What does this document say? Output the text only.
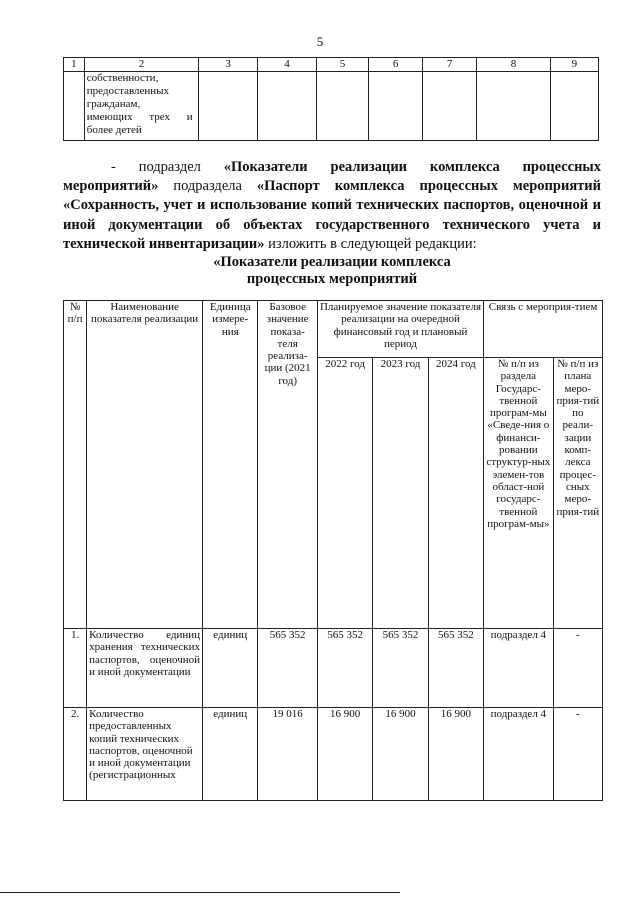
5
1	2	3	4	5	6	7	8	9

	собственности,
предоставленных
гражданам,
имеющих трех и
более детей							

- подраздел «Показатели реализации комплекса процессных мероприятий» подраздела «Паспорт комплекса процессных мероприятий «Сохранность, учет и использование копий технических паспортов, оценочной и иной документации об объектах государственного технического учета и технической инвентаризации» изложить в следующей редакции:
«Показатели реализации комплекса
процессных мероприятий
№ п/п	Наименование показателя реализации	Единица измере-ния	Базовое значение показа-теля реализа-ции (2021 год)	Планируемое значение показателя реализации на очередной финансовый год и плановый период			Связь с мероприя-тием	
				2022 год	2023 год	2024 год	№ п/п из раздела Государс-твенной програм-мы «Сведе-ния о финанси-ровании структур-ных элемен-тов област-ной государс-твенной програм-мы»	№ п/п из плана меро-прия-тий по реали-зации комп-лекса процес-сных меро-прия-тий
1.	Количество единиц хранения технических паспортов, оценочной и иной документации	единиц	565 352	565 352	565 352	565 352	подраздел 4	-
2.	Количество предоставленных копий технических паспортов, оценочной и иной документации (регистрационных	единиц	19 016	16 900	16 900	16 900	подраздел 4	-
